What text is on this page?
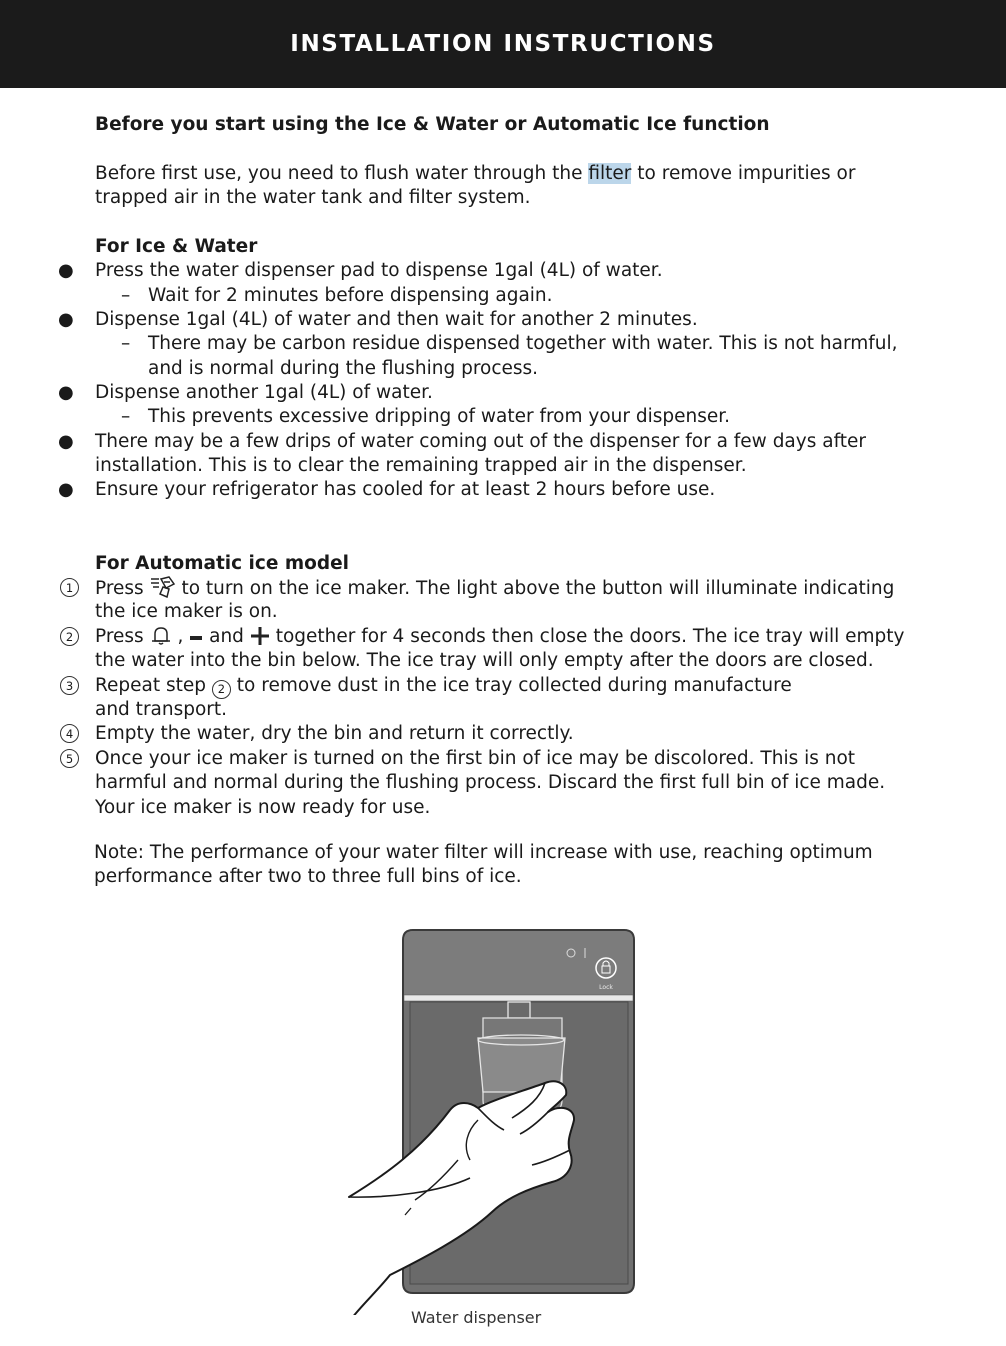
INSTALLATION INSTRUCTIONS
Before you start using the Ice & Water or Automatic Ice function
Before first use, you need to flush water through the filter to remove impurities or
trapped air in the water tank and filter system.
For Ice & Water
● Press the water dispenser pad to dispense 1gal (4L) of water.
– Wait for 2 minutes before dispensing again.
● Dispense 1gal (4L) of water and then wait for another 2 minutes.
– There may be carbon residue dispensed together with water. This is not harmful,
and is normal during the flushing process.
● Dispense another 1gal (4L) of water.
– This prevents excessive dripping of water from your dispenser.
● There may be a few drips of water coming out of the dispenser for a few days after
installation. This is to clear the remaining trapped air in the dispenser.
● Ensure your refrigerator has cooled for at least 2 hours before use.
For Automatic ice model
1	Press  to turn on the ice maker. The light above the button will illuminate indicating
the ice maker is on.
2	Press  ,  and  together for 4 seconds then close the doors. The ice tray will empty
the water into the bin below. The ice tray will only empty after the doors are closed.
3	Repeat step 2 to remove dust in the ice tray collected during manufacture
and transport.
4	Empty the water, dry the bin and return it correctly.
5	Once your ice maker is turned on the first bin of ice may be discolored. This is not
harmful and normal during the flushing process. Discard the first full bin of ice made.
Your ice maker is now ready for use.
Note: The performance of your water filter will increase with use, reaching optimum
performance after two to three full bins of ice.
Lock
Water dispenser
